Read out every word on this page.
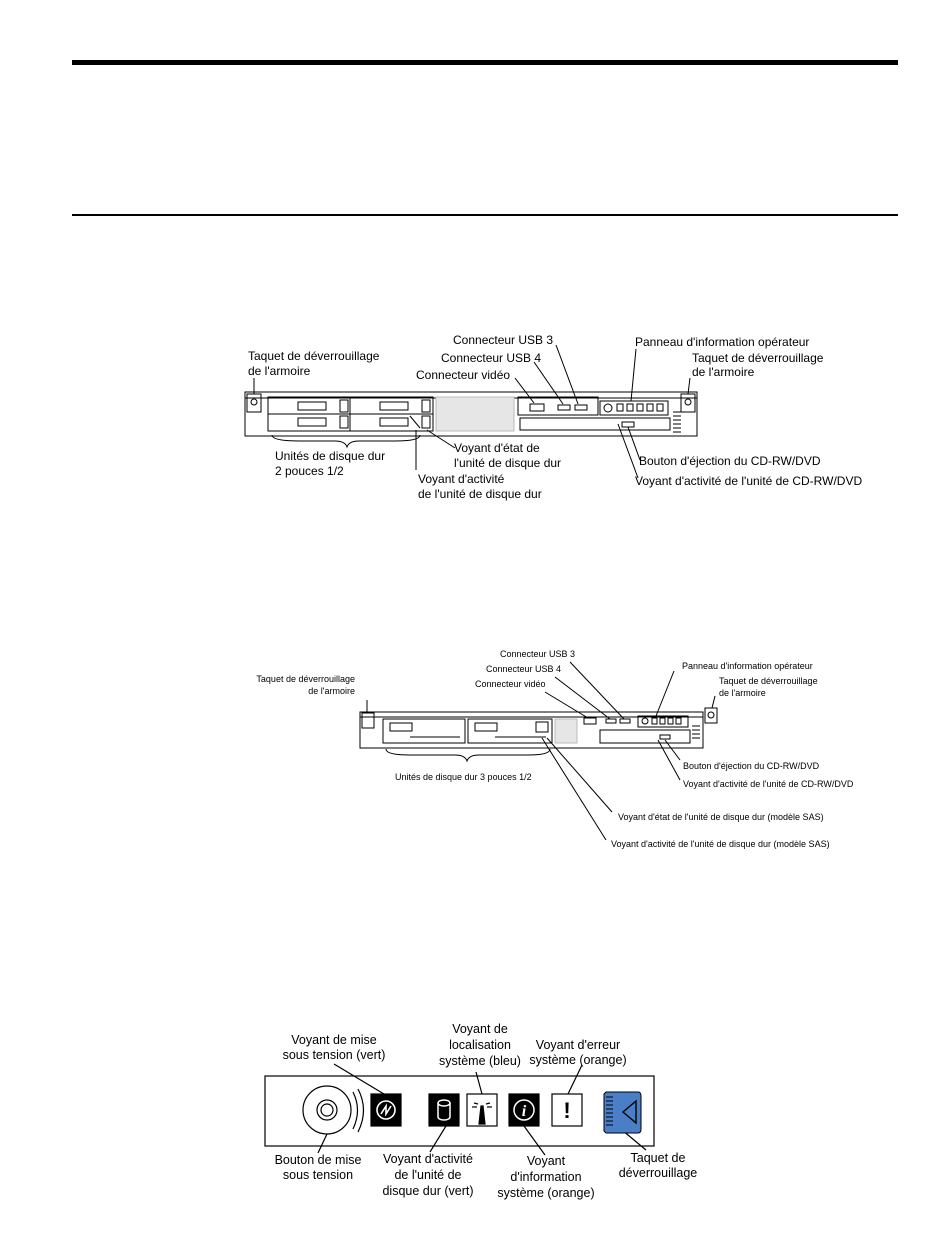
Connecteur USB 3
Connecteur USB 4
Connecteur vidéo
Taquet de déverrouillage
de l'armoire
Panneau d'information opérateur
Taquet de déverrouillage
de l'armoire
Unités de disque dur
2 pouces 1/2
Voyant d'état de
l'unité de disque dur
Voyant d'activité
de l'unité de disque dur
Bouton d'éjection du CD-RW/DVD
Voyant d'activité de l'unité de CD-RW/DVD
Connecteur USB 3
Connecteur USB 4
Connecteur vidéo
Taquet de déverrouillage
de l'armoire
Panneau d'information opérateur
Taquet de déverrouillage
de l'armoire
Unités de disque dur 3 pouces 1/2
Bouton d'éjection du CD-RW/DVD
Voyant d'activité de l'unité de CD-RW/DVD
Voyant d'état de l'unité de disque dur (modèle SAS)
Voyant d'activité de l'unité de disque dur (modèle SAS)
i !
Voyant de mise
sous tension (vert)
Voyant de
localisation
système (bleu)
Voyant d'erreur
système (orange)
Bouton de mise
sous tension
Voyant d'activité
de l'unité de
disque dur (vert)
Voyant
d'information
système (orange)
Taquet de
déverrouillage
